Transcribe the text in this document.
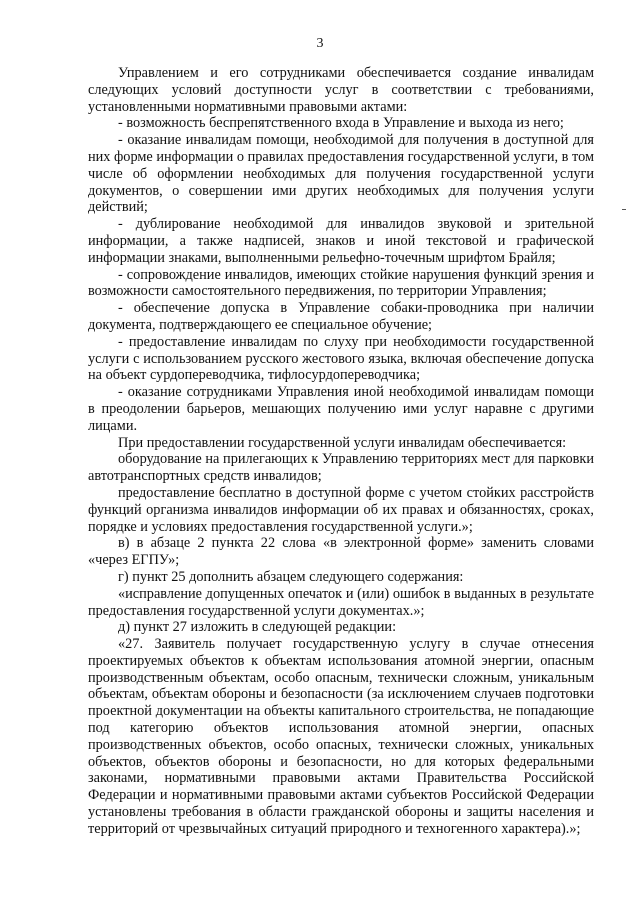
3

Управлением и его сотрудниками обеспечивается создание инвалидам следующих условий доступности услуг в соответствии с требованиями, установленными нормативными правовыми актами:

- возможность беспрепятственного входа в Управление и выхода из него;

- оказание инвалидам помощи, необходимой для получения в доступной для них форме информации о правилах предоставления государственной услуги, в том числе об оформлении необходимых для получения государственной услуги документов, о совершении ими других необходимых для получения услуги действий;

- дублирование необходимой для инвалидов звуковой и зрительной информации, а также надписей, знаков и иной текстовой и графической информации знаками, выполненными рельефно-точечным шрифтом Брайля;

- сопровождение инвалидов, имеющих стойкие нарушения функций зрения и возможности самостоятельного передвижения, по территории Управления;

- обеспечение допуска в Управление собаки-проводника при наличии документа, подтверждающего ее специальное обучение;

- предоставление инвалидам по слуху при необходимости государственной услуги с использованием русского жестового языка, включая обеспечение допуска на объект сурдопереводчика, тифлосурдопереводчика;

- оказание сотрудниками Управления иной необходимой инвалидам помощи в преодолении барьеров, мешающих получению ими услуг наравне с другими лицами.

При предоставлении государственной услуги инвалидам обеспечивается:

оборудование на прилегающих к Управлению территориях мест для парковки автотранспортных средств инвалидов;

предоставление бесплатно в доступной форме с учетом стойких расстройств функций организма инвалидов информации об их правах и обязанностях, сроках, порядке и условиях предоставления государственной услуги.»;

в) в абзаце 2 пункта 22 слова «в электронной форме» заменить словами «через ЕГПУ»;

г) пункт 25 дополнить абзацем следующего содержания:

«исправление допущенных опечаток и (или) ошибок в выданных в результате предоставления государственной услуги документах.»;

д) пункт 27 изложить в следующей редакции:

«27. Заявитель получает государственную услугу в случае отнесения проектируемых объектов к объектам использования атомной энергии, опасным производственным объектам, особо опасным, технически сложным, уникальным объектам, объектам обороны и безопасности (за исключением случаев подготовки проектной документации на объекты капитального строительства, не попадающие под категорию объектов использования атомной энергии, опасных производственных объектов, особо опасных, технически сложных, уникальных объектов, объектов обороны и безопасности, но для которых федеральными законами, нормативными правовыми актами Правительства Российской Федерации и нормативными правовыми актами субъектов Российской Федерации установлены требования в области гражданской обороны и защиты населения и территорий от чрезвычайных ситуаций природного и техногенного характера).»;
